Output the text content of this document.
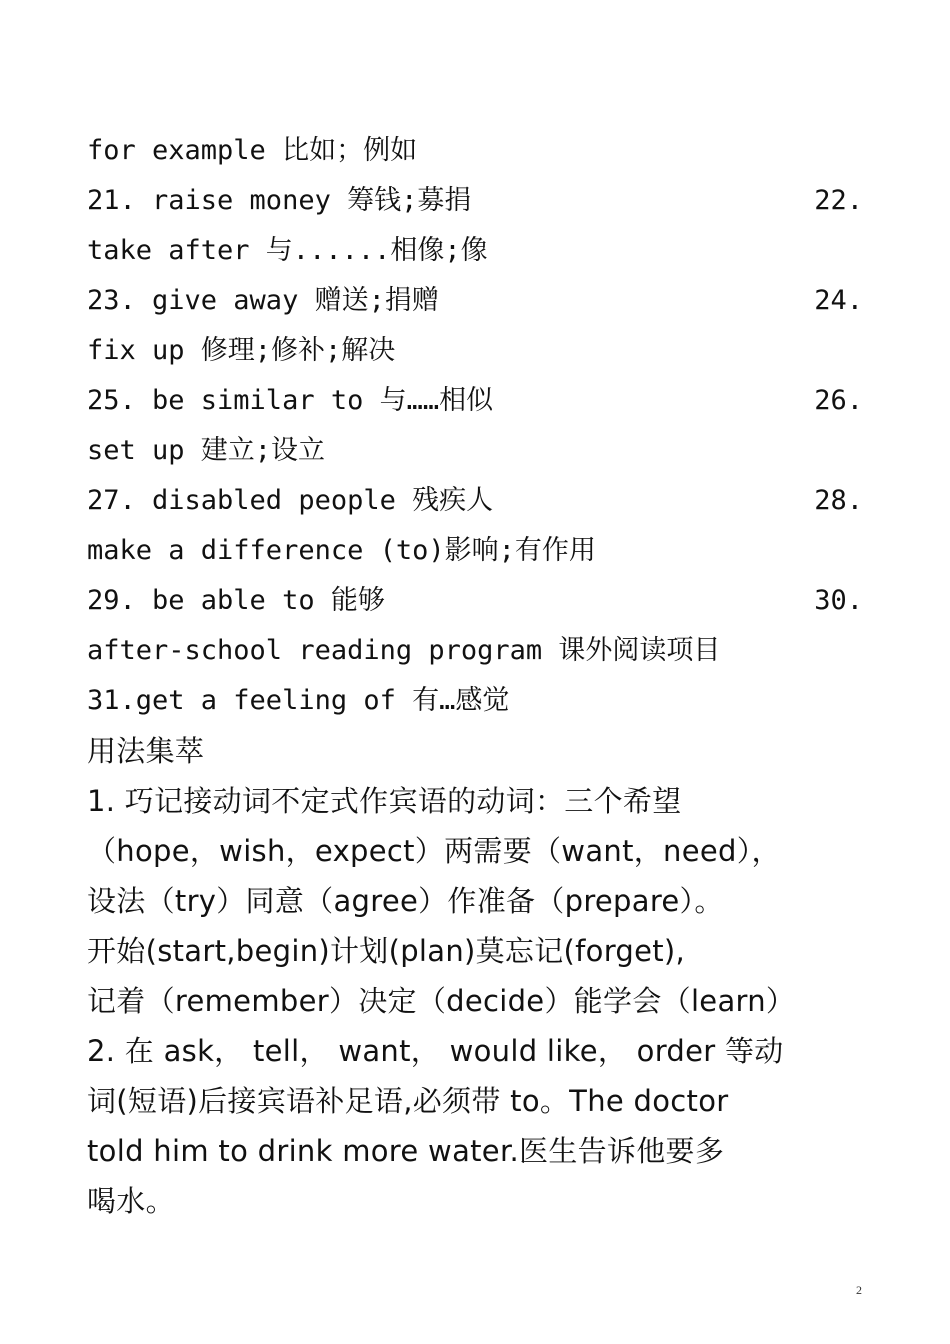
for example 比如；例如
21. raise money 筹钱;募捐	22.
take after 与......相像;像
23. give away 赠送;捐赠	24.
fix up 修理;修补;解决
25. be similar to 与……相似	26.
set up 建立;设立
27. disabled people 残疾人	28.
make a difference (to)影响;有作用
29. be able to 能够	30.
after-school reading program 课外阅读项目
31.get a feeling of 有…感觉
用法集萃
1. 巧记接动词不定式作宾语的动词：三个希望
（hope，wish，expect）两需要（want，need），
设法（try）同意（agree）作准备（prepare）。
开始(start,begin)计划(plan)莫忘记(forget),
记着（remember）决定（decide）能学会（learn）
2. 在 ask， tell， want， would like， order 等动
词(短语)后接宾语补足语,必须带 to。The doctor
told him to drink more water.医生告诉他要多
喝水。
2
